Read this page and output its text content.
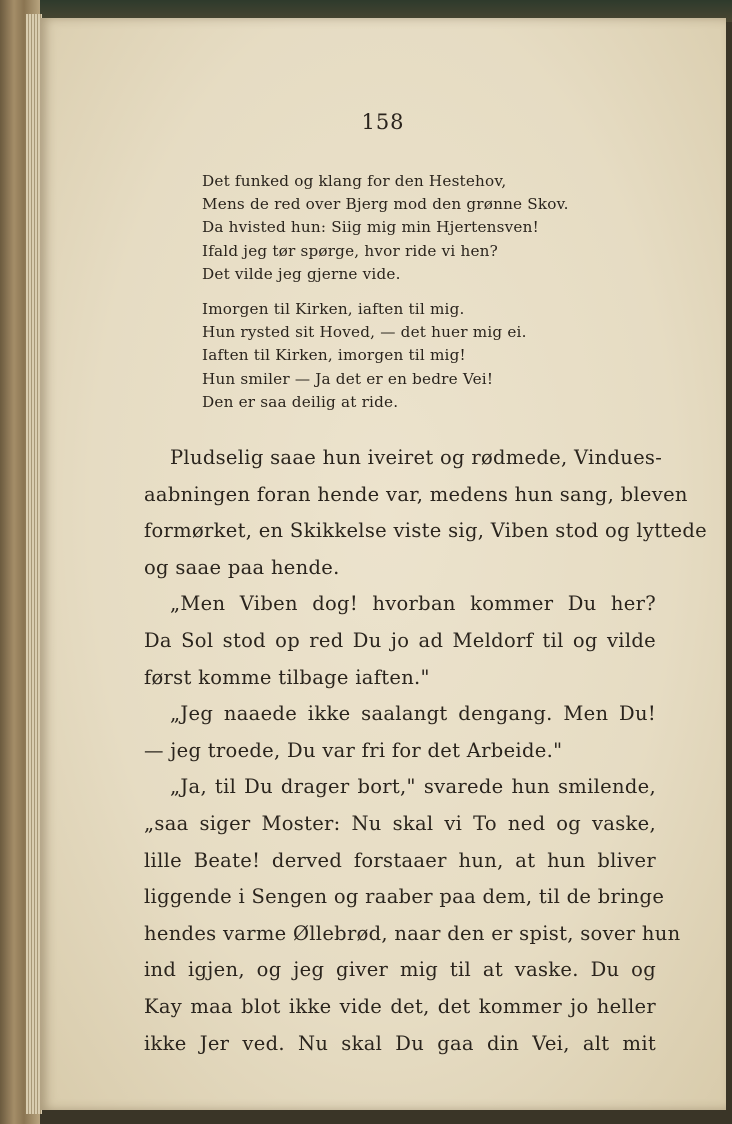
158
Det funked og klang for den Hestehov,
Mens de red over Bjerg mod den grønne Skov.
Da hvisted hun: Siig mig min Hjertensven!
Ifald jeg tør spørge, hvor ride vi hen?
Det vilde jeg gjerne vide.
Imorgen til Kirken, iaften til mig.
Hun rysted sit Hoved, — det huer mig ei.
Iaften til Kirken, imorgen til mig!
Hun smiler — Ja det er en bedre Vei!
Den er saa deilig at ride.
Pludselig saae hun iveiret og rødmede, Vindues-
aabningen foran hende var, medens hun sang, bleven
formørket, en Skikkelse viste sig, Viben stod og lyttede
og saae paa hende.
„Men Viben dog! hvorban kommer Du her?
Da Sol stod op red Du jo ad Meldorf til og vilde
først komme tilbage iaften."
„Jeg naaede ikke saalangt dengang. Men Du!
— jeg troede, Du var fri for det Arbeide."
„Ja, til Du drager bort," svarede hun smilende,
„saa siger Moster: Nu skal vi To ned og vaske,
lille Beate! derved forstaaer hun, at hun bliver
liggende i Sengen og raaber paa dem, til de bringe
hendes varme Øllebrød, naar den er spist, sover hun
ind igjen, og jeg giver mig til at vaske. Du og
Kay maa blot ikke vide det, det kommer jo heller
ikke Jer ved. Nu skal Du gaa din Vei, alt mit
